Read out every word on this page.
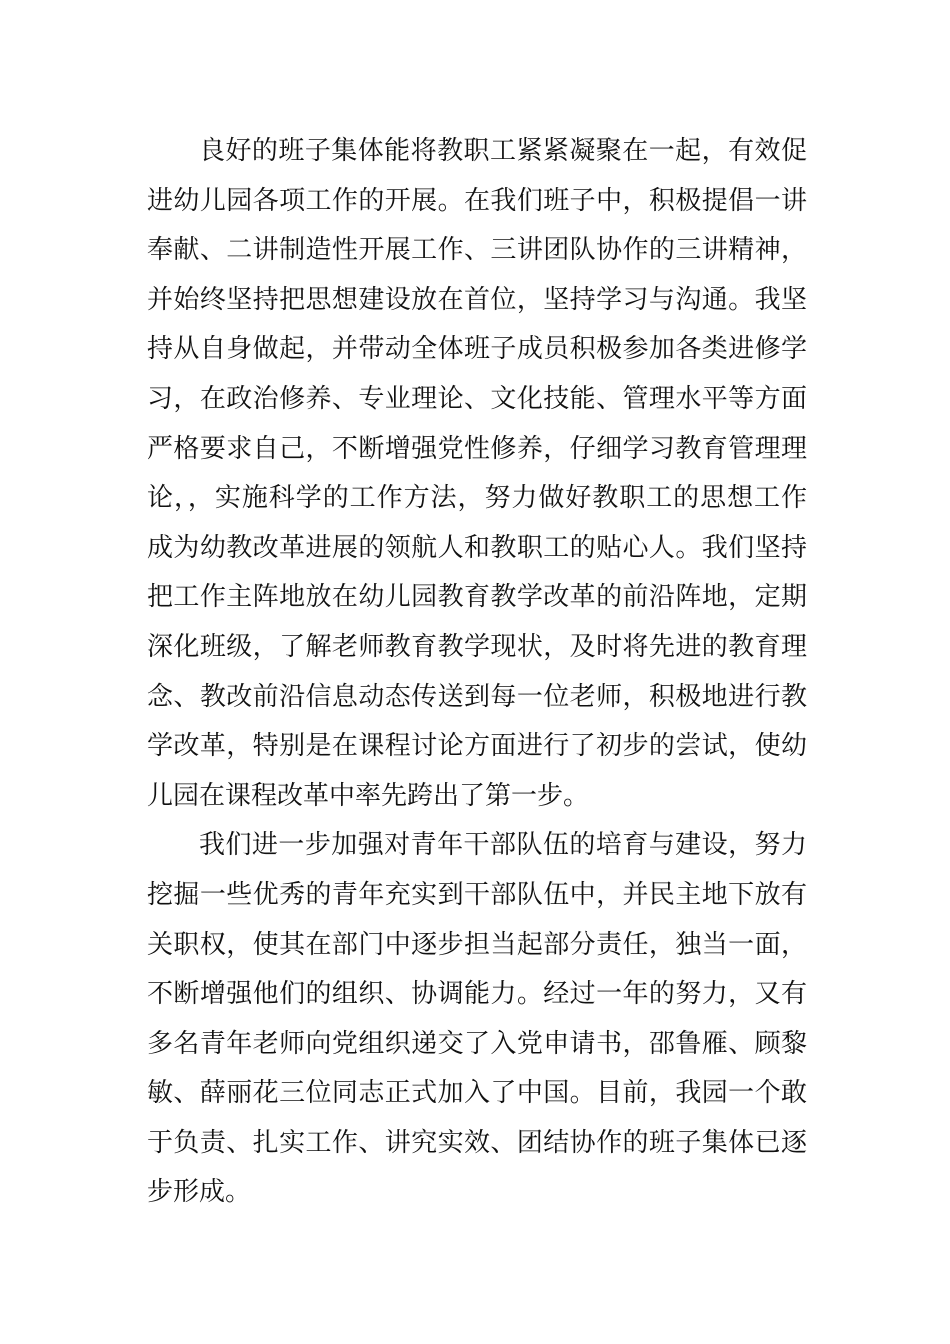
良好的班子集体能将教职工紧紧凝聚在一起，有效促
进幼儿园各项工作的开展。在我们班子中，积极提倡一讲
奉献、二讲制造性开展工作、三讲团队协作的三讲精神，
并始终坚持把思想建设放在首位，坚持学习与沟通。我坚
持从自身做起，并带动全体班子成员积极参加各类进修学
习，在政治修养、专业理论、文化技能、管理水平等方面
严格要求自己，不断增强党性修养，仔细学习教育管理理
论，，实施科学的工作方法，努力做好教职工的思想工作
成为幼教改革进展的领航人和教职工的贴心人。我们坚持
把工作主阵地放在幼儿园教育教学改革的前沿阵地，定期
深化班级，了解老师教育教学现状，及时将先进的教育理
念、教改前沿信息动态传送到每一位老师，积极地进行教
学改革，特别是在课程讨论方面进行了初步的尝试，使幼
儿园在课程改革中率先跨出了第一步。
我们进一步加强对青年干部队伍的培育与建设，努力
挖掘一些优秀的青年充实到干部队伍中，并民主地下放有
关职权，使其在部门中逐步担当起部分责任，独当一面，
不断增强他们的组织、协调能力。经过一年的努力，又有
多名青年老师向党组织递交了入党申请书，邵鲁雁、顾黎
敏、薛丽花三位同志正式加入了中国。目前，我园一个敢
于负责、扎实工作、讲究实效、团结协作的班子集体已逐
步形成。
